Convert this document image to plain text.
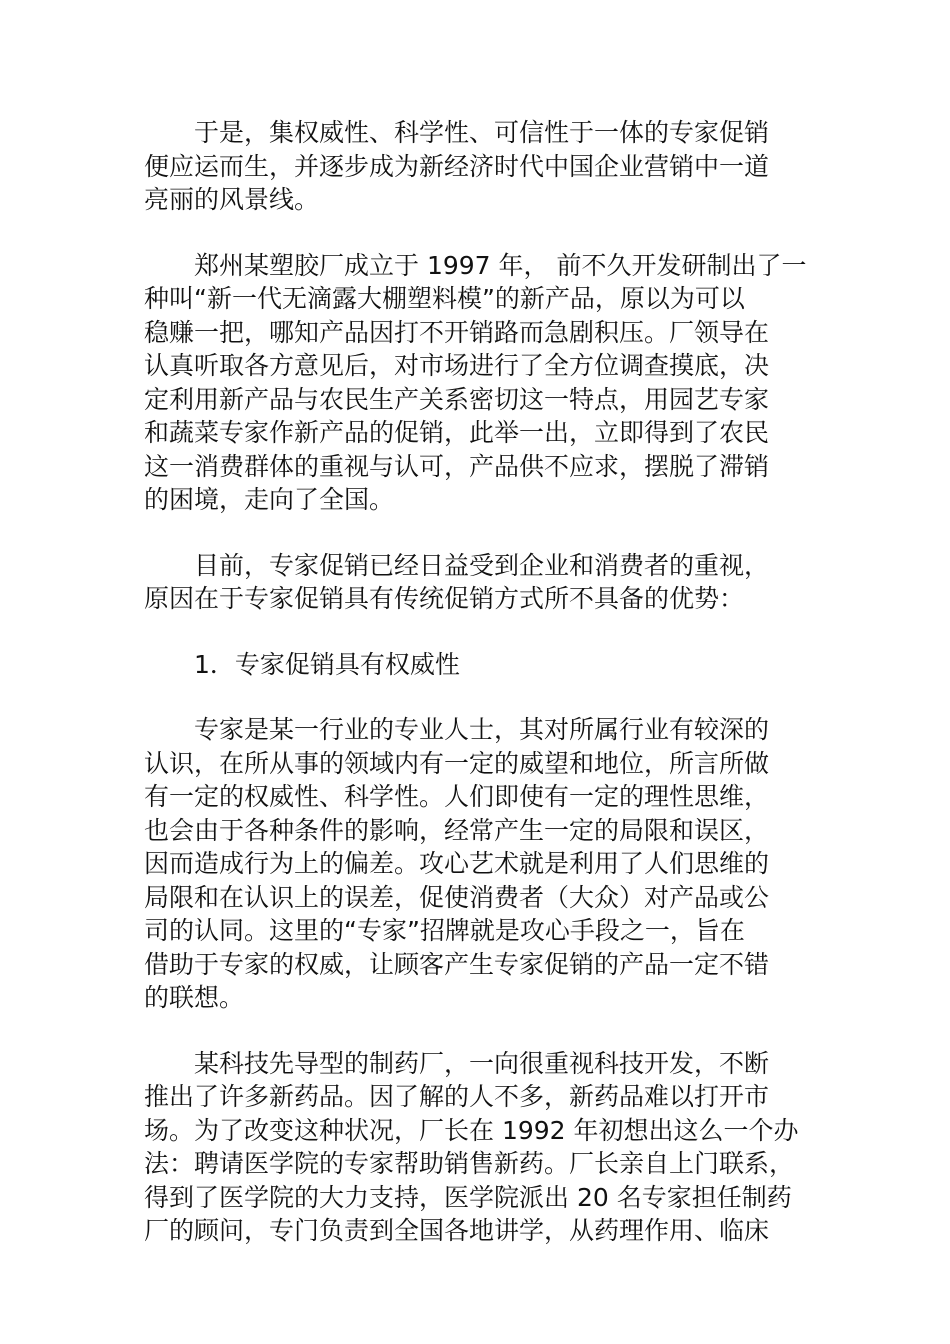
于是，集权威性、科学性、可信性于一体的专家促销
便应运而生，并逐步成为新经济时代中国企业营销中一道
亮丽的风景线。

郑州某塑胶厂成立于 1997 年， 前不久开发研制出了一
种叫“新一代无滴露大棚塑料模”的新产品，原以为可以
稳赚一把，哪知产品因打不开销路而急剧积压。厂领导在
认真听取各方意见后，对市场进行了全方位调查摸底，决
定利用新产品与农民生产关系密切这一特点，用园艺专家
和蔬菜专家作新产品的促销，此举一出，立即得到了农民
这一消费群体的重视与认可，产品供不应求，摆脱了滞销
的困境，走向了全国。

目前，专家促销已经日益受到企业和消费者的重视，
原因在于专家促销具有传统促销方式所不具备的优势：

1．专家促销具有权威性

专家是某一行业的专业人士，其对所属行业有较深的
认识，在所从事的领域内有一定的威望和地位，所言所做
有一定的权威性、科学性。人们即使有一定的理性思维，
也会由于各种条件的影响，经常产生一定的局限和误区，
因而造成行为上的偏差。攻心艺术就是利用了人们思维的
局限和在认识上的误差，促使消费者（大众）对产品或公
司的认同。这里的“专家”招牌就是攻心手段之一，旨在
借助于专家的权威，让顾客产生专家促销的产品一定不错
的联想。

某科技先导型的制药厂，一向很重视科技开发，不断
推出了许多新药品。因了解的人不多，新药品难以打开市
场。为了改变这种状况，厂长在 1992 年初想出这么一个办
法：聘请医学院的专家帮助销售新药。厂长亲自上门联系，
得到了医学院的大力支持，医学院派出 20 名专家担任制药
厂的顾问，专门负责到全国各地讲学，从药理作用、临床
